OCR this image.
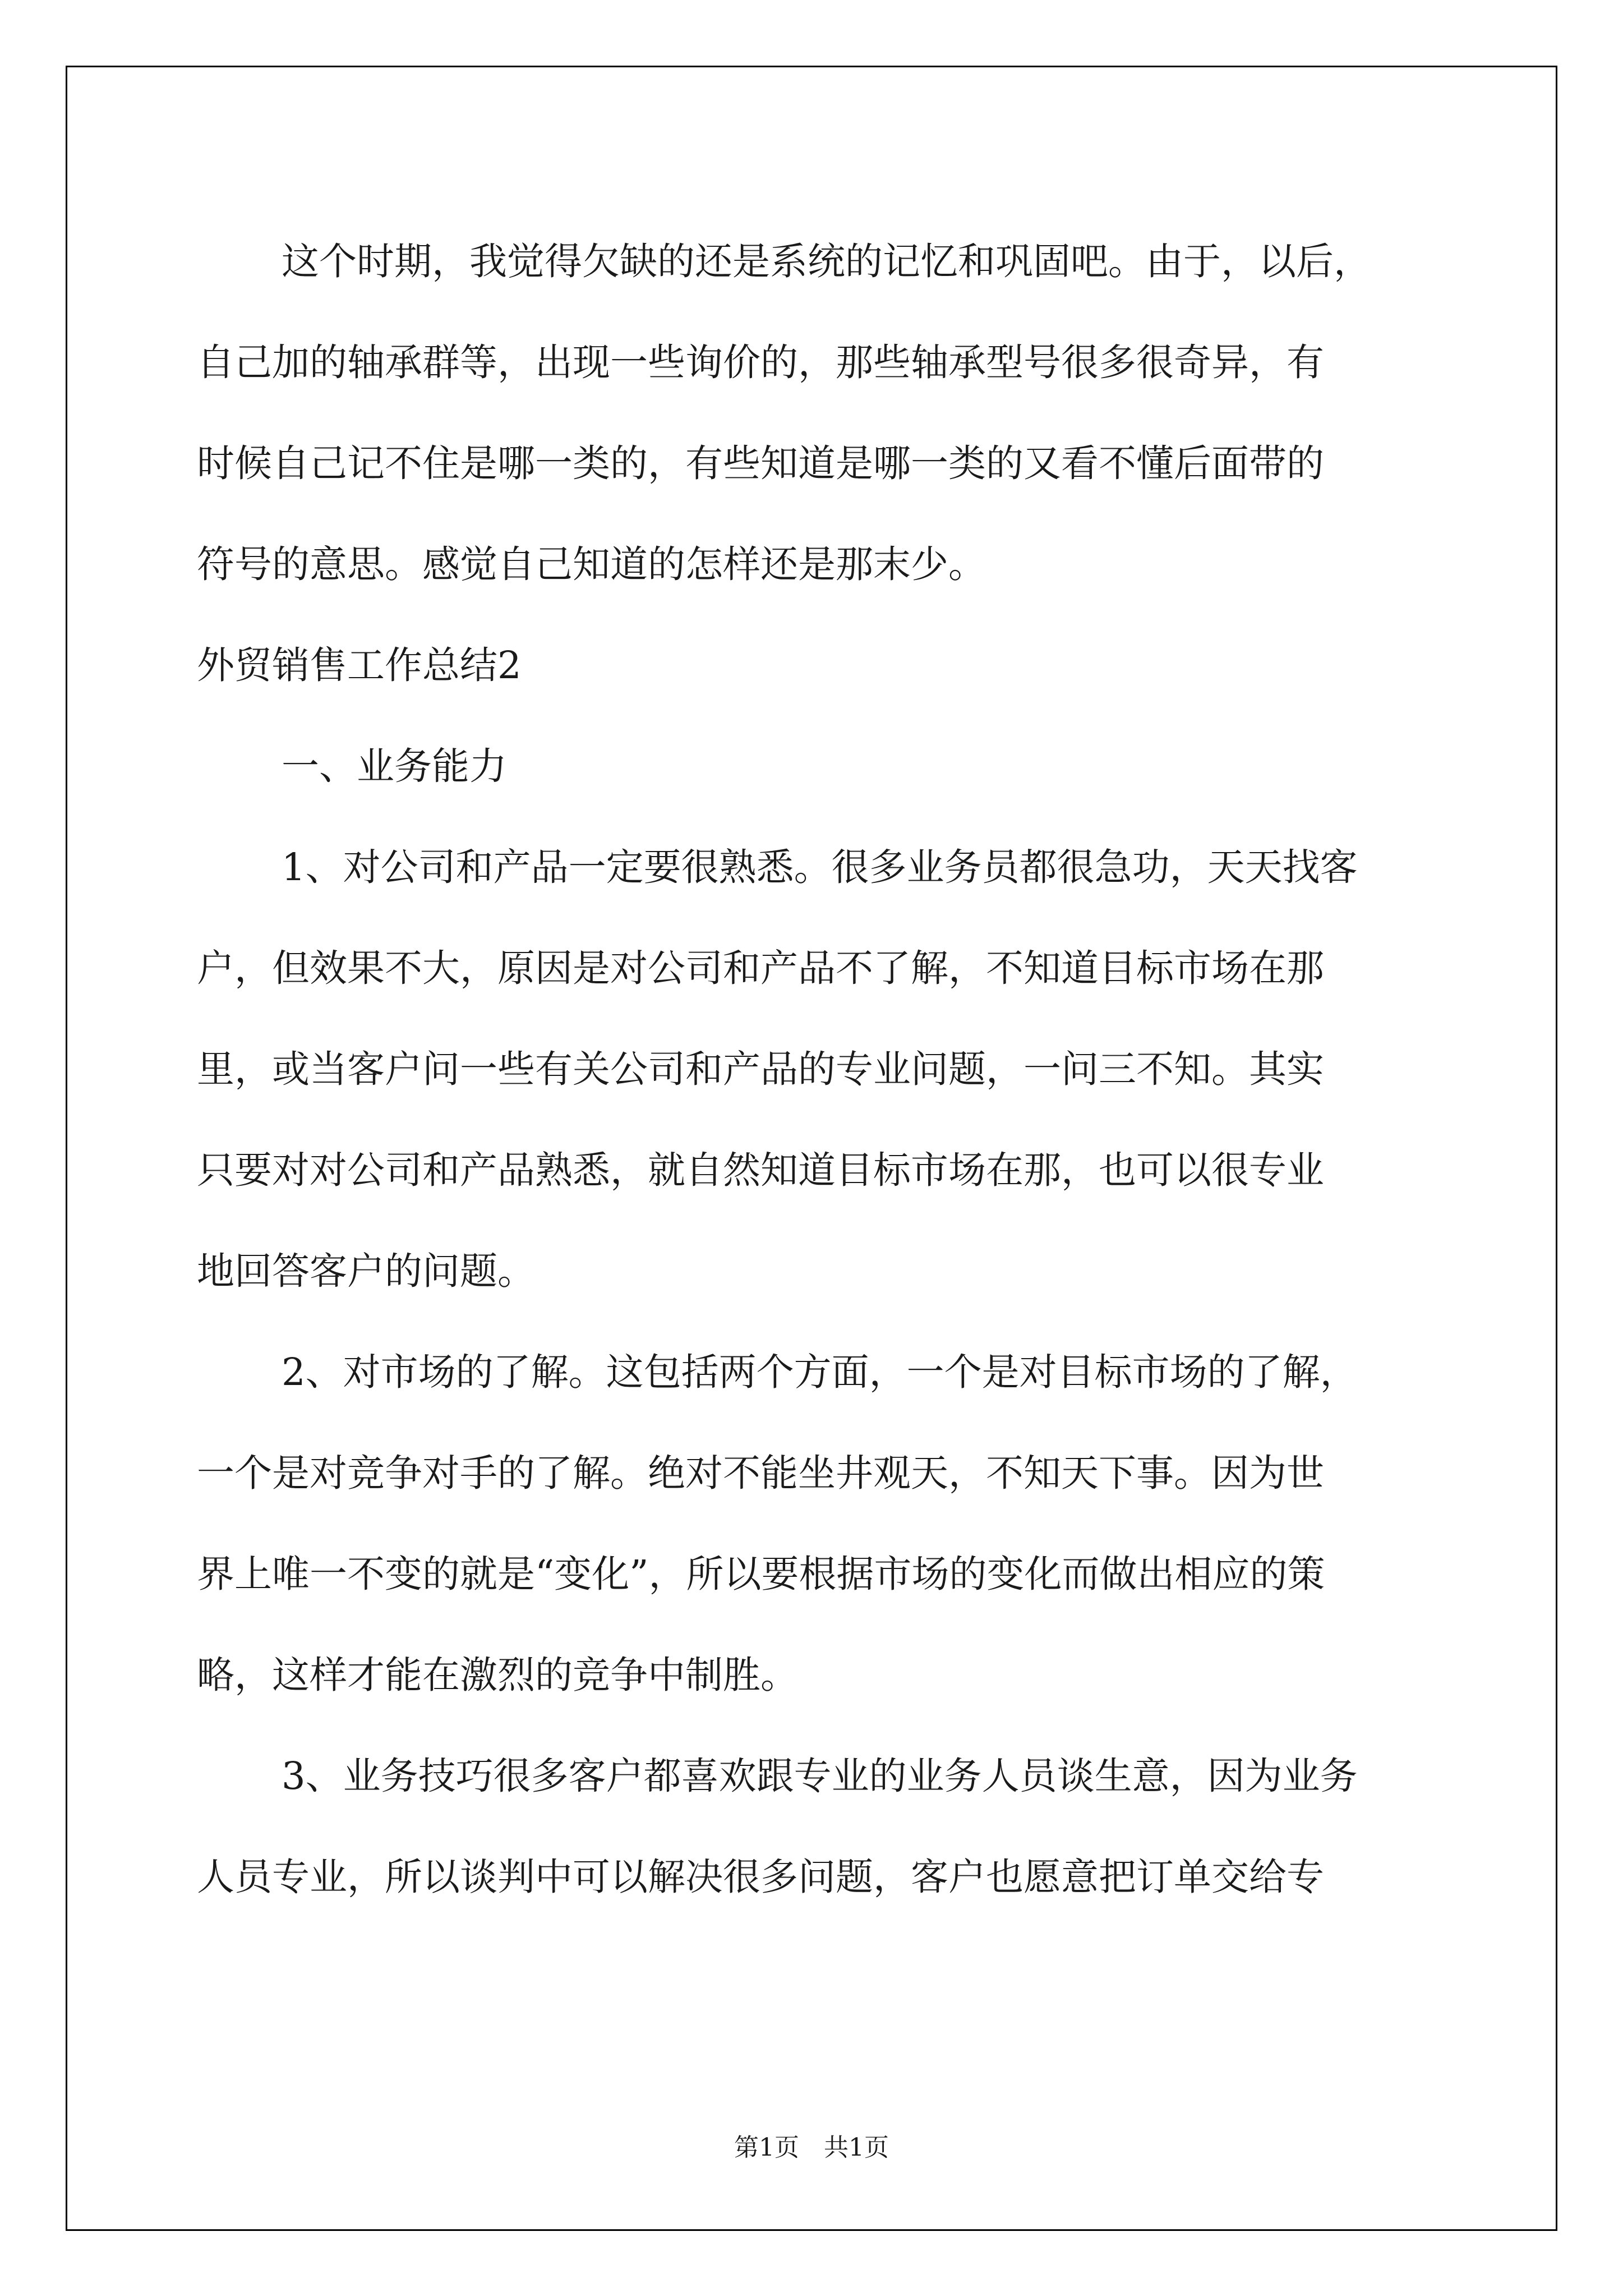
这个时期，我觉得欠缺的还是系统的记忆和巩固吧。由于，以后，
自己加的轴承群等，出现一些询价的，那些轴承型号很多很奇异，有
时候自己记不住是哪一类的，有些知道是哪一类的又看不懂后面带的
符号的意思。感觉自己知道的怎样还是那末少。
外贸销售工作总结2
一、业务能力
1、对公司和产品一定要很熟悉。很多业务员都很急功，天天找客
户，但效果不大，原因是对公司和产品不了解，不知道目标市场在那
里，或当客户问一些有关公司和产品的专业问题，一问三不知。其实
只要对对公司和产品熟悉，就自然知道目标市场在那，也可以很专业
地回答客户的问题。
2、对市场的了解。这包括两个方面，一个是对目标市场的了解，
一个是对竞争对手的了解。绝对不能坐井观天，不知天下事。因为世
界上唯一不变的就是“变化”，所以要根据市场的变化而做出相应的策
略，这样才能在激烈的竞争中制胜。
3、业务技巧很多客户都喜欢跟专业的业务人员谈生意，因为业务
人员专业，所以谈判中可以解决很多问题，客户也愿意把订单交给专
第1页　共1页
